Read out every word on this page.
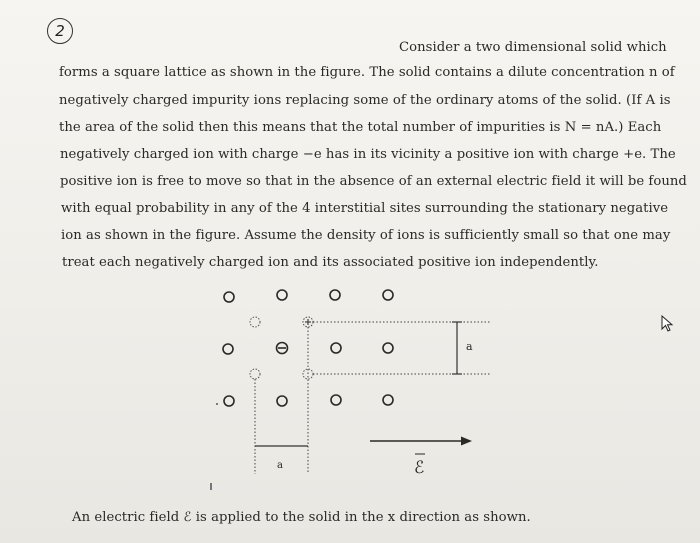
2
Consider a two dimensional solid which
forms a square lattice as shown in the figure. The solid contains a dilute concentration n of
negatively charged impurity ions replacing some of the ordinary atoms of the solid. (If A is
the area of the solid then this means that the total number of impurities is N = nA.) Each
negatively charged ion with charge −e has in its vicinity a positive ion with charge +e. The
positive ion is free to move so that in the absence of an external electric field it will be found
with equal probability in any of the 4 interstitial sites surrounding the stationary negative
ion as shown in the figure. Assume the density of ions is sufficiently small so that one may
treat each negatively charged ion and its associated positive ion independently.
a
a	ℰ
An electric field ℰ is applied to the solid in the x direction as shown.
